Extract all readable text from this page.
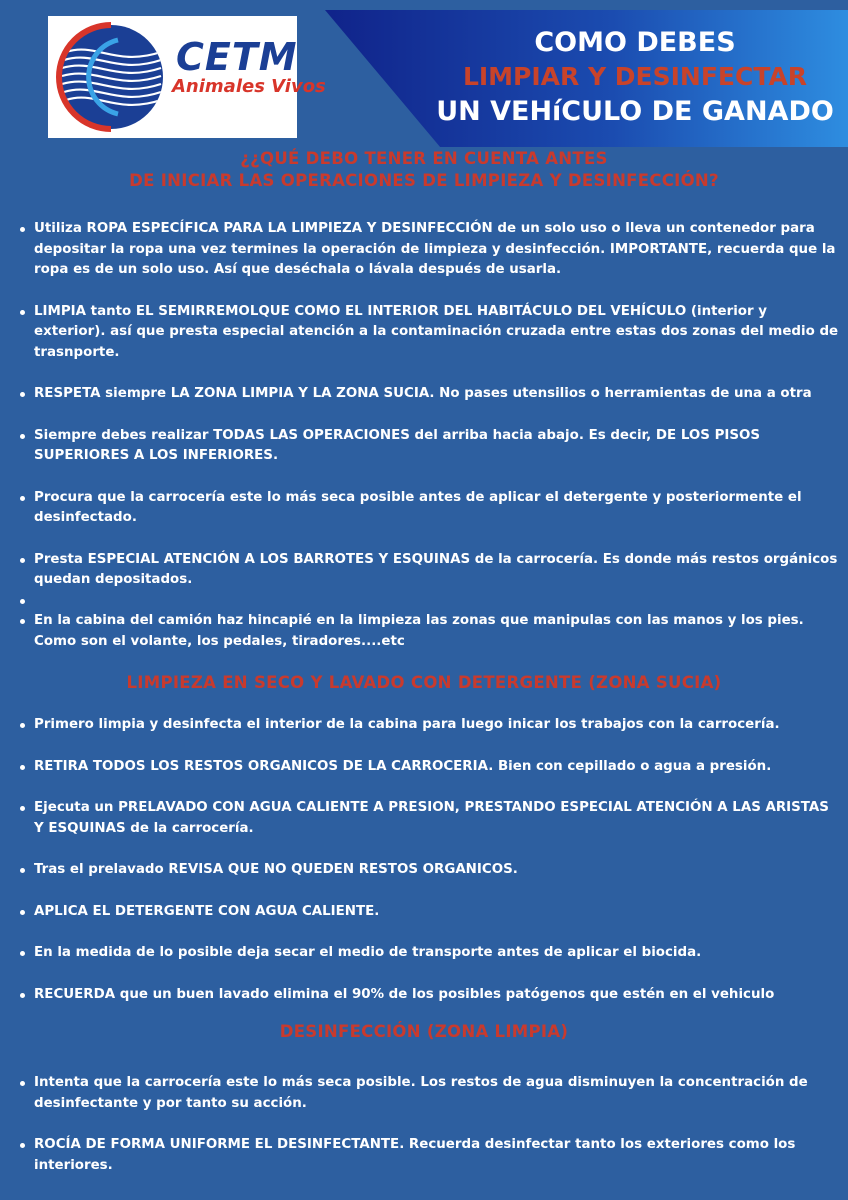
CETM
Animales Vivos
COMO DEBES
LIMPIAR Y DESINFECTAR
UN VEHíCULO DE GANADO
¿¿QUÉ DEBO TENER EN CUENTA ANTES
DE INICIAR LAS OPERACIONES DE LIMPIEZA Y DESINFECCIÓN?
Utiliza ROPA ESPECÍFICA PARA LA LIMPIEZA Y DESINFECCIÓN de un solo uso o lleva un contenedor para depositar la ropa una vez termines la operación de limpieza y desinfección. IMPORTANTE, recuerda que la ropa es de un solo uso. Así que deséchala o lávala después de usarla.
LIMPIA tanto EL SEMIRREMOLQUE COMO EL INTERIOR DEL HABITÁCULO DEL VEHÍCULO (interior y exterior). así que presta especial atención a la contaminación cruzada entre estas dos zonas del medio de trasnporte.
RESPETA siempre LA ZONA LIMPIA Y LA ZONA SUCIA. No pases utensilios o herramientas de una a otra
Siempre debes realizar TODAS LAS OPERACIONES del arriba hacia abajo. Es decir, DE LOS PISOS SUPERIORES A LOS INFERIORES.
Procura que la carrocería este lo más seca posible antes de aplicar el detergente y posteriormente el desinfectado.
Presta ESPECIAL ATENCIÓN A LOS BARROTES Y ESQUINAS de la carrocería. Es donde más restos orgánicos quedan depositados.
En la cabina del camión haz hincapié en la limpieza las zonas que manipulas con las manos y los pies. Como son el volante, los pedales, tiradores....etc
LIMPIEZA EN SECO Y LAVADO CON DETERGENTE (ZONA SUCIA)
Primero limpia y desinfecta el interior de la cabina para luego inicar los trabajos con la carrocería.
RETIRA TODOS LOS RESTOS ORGANICOS DE LA CARROCERIA. Bien con cepillado o agua a presión.
Ejecuta un PRELAVADO CON AGUA CALIENTE A PRESION, PRESTANDO ESPECIAL ATENCIÓN A LAS ARISTAS Y ESQUINAS de la carrocería.
Tras el prelavado REVISA QUE NO QUEDEN RESTOS ORGANICOS.
APLICA EL DETERGENTE CON AGUA CALIENTE.
En la medida de lo posible deja secar el medio de transporte antes de aplicar el biocida.
RECUERDA que un buen lavado elimina el 90% de los posibles patógenos que estén en el vehiculo
DESINFECCIÓN (ZONA LIMPIA)
Intenta que la carrocería este lo más seca posible. Los restos de agua disminuyen la concentración de desinfectante y por tanto su acción.
ROCÍA DE FORMA UNIFORME EL DESINFECTANTE. Recuerda desinfectar tanto los exteriores como los interiores.
